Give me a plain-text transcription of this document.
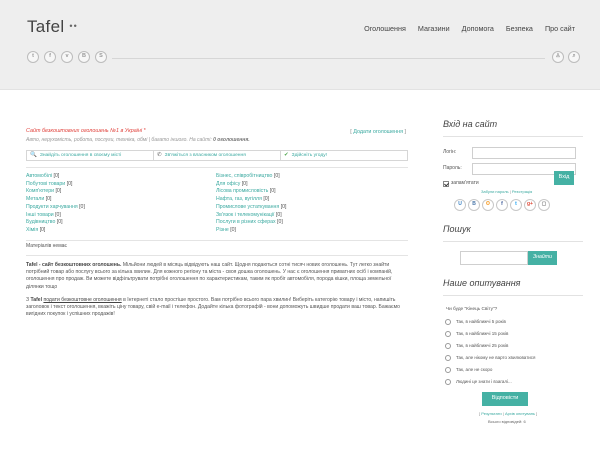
Tafel ••	Оголошення Магазини Допомога Безпека Про сайт
t	f	v	B	S	♙	⌕
Сайт безкоштовних оголошень №1 в Україні *	[ Додати оголошення ]
Авто, нерухомість, робота, послуги, техніка, обмі | багато іншого. На сайті: 0 оголошення.
🔍 Знайдіть оголошення в своєму місті	✆ Зв'яжіться з власником оголошення	✔ Здійсніть угоду!
Автомобілі [0]
Побутові товари [0]
Комп'ютери [0]
Метали [0]
Продукти харчування [0]
Інші товари [0]
Будівництво [0]
Хімія [0]
Бізнес, співробітництво [0]
Для офісу [0]
Лісова промисловість [0]
Нафта, газ, вугілля [0]
Промислове устаткування [0]
Зв'язок і телекомунікації [0]
Послуги в різних сферах [0]
Різне [0]
Матеріалів немає
Tafel - сайт безкоштовних оголошень. Мільйони людей в місяць відвідують наш сайт. Щодня подаються сотні тисяч нових оголошень. Тут легко знайти потрібний товар або послугу всього за кілька хвилин. Для кожного регіону та міста - своя дошка оголошень. У нас є оголошення приватних осіб і компаній, оголошення про продаж. Ви можете відфільтрувати потрібні оголошення по характеристикам, таким як пробіг автомобіля, порода кішки, площа земельної ділянки тощо
З Tafel подати безкоштовне оголошення в Інтернеті стало простіше простого. Вам потрібно всього пара хвилин! Виберіть категорію товару і місто, напишіть заголовок і текст оголошення, вкажіть ціну товару, свій e-mail і телефон. Додайте кілька фотографій - вони допоможуть швидше продати ваш товар. Бажаємо вигідних покупок і успішних продажів!
Вхід на сайт
Логін:
Пароль:
запам'ятати
Вхід
Забули пароль | Реєстрація
U	B	ʘ	f	t	g+	▢
Пошук
Знайти
Наше опитування
Чи буде "Кінець Світу"?
Так, в найближчі 5 років
Так, в найближчі 15 років
Так, в найближчі 25 років
Так, але нікому не варто хвилюватися
Так, але не скоро
Людині це знати і взагалі...
Відповісти
[ Результати | Архів опитувань ]
Всього відповідей: 6
